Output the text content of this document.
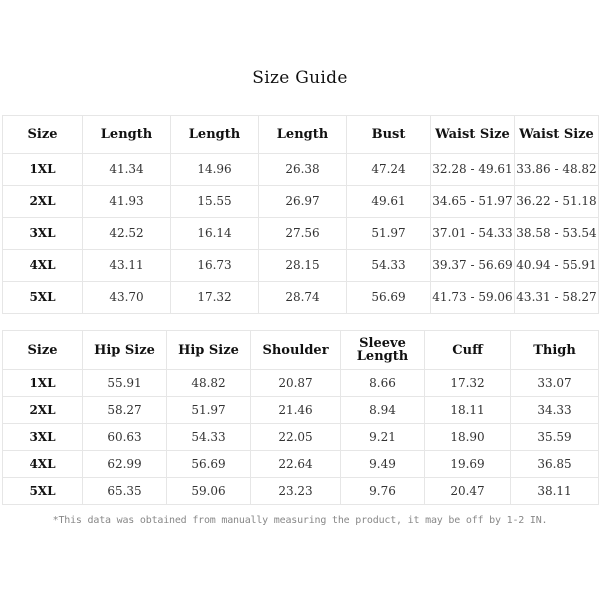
Size Guide
Size	Length	Length	Length	Bust	Waist Size	Waist Size
1XL	41.34	14.96	26.38	47.24	32.28 - 49.61	33.86 - 48.82
2XL	41.93	15.55	26.97	49.61	34.65 - 51.97	36.22 - 51.18
3XL	42.52	16.14	27.56	51.97	37.01 - 54.33	38.58 - 53.54
4XL	43.11	16.73	28.15	54.33	39.37 - 56.69	40.94 - 55.91
5XL	43.70	17.32	28.74	56.69	41.73 - 59.06	43.31 - 58.27
Size	Hip Size	Hip Size	Shoulder	Sleeve Length	Cuff	Thigh
1XL	55.91	48.82	20.87	8.66	17.32	33.07
2XL	58.27	51.97	21.46	8.94	18.11	34.33
3XL	60.63	54.33	22.05	9.21	18.90	35.59
4XL	62.99	56.69	22.64	9.49	19.69	36.85
5XL	65.35	59.06	23.23	9.76	20.47	38.11
*This data was obtained from manually measuring the product, it may be off by 1-2 IN.
